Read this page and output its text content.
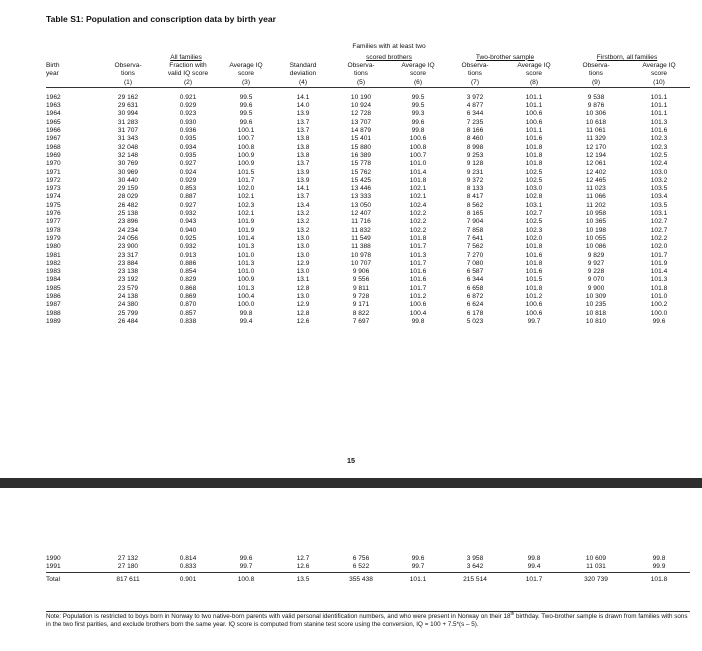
Table S1: Population and conscription data by birth year
					Families with at least two					
	All families				scored brothers		Two-brother sample		Firstborn, all families	
Birth	Observa-	Fraction with	Average IQ	Standard	Observa-	Average IQ	Observa-	Average IQ	Observa-	Average IQ
year	tions	valid IQ score	score	deviation	tions	score	tions	score	tions	score
	(1)	(2)	(3)	(4)	(5)	(6)	(7)	(8)	(9)	(10)

1962	29 162	0.921	99.5	14.1	10 190	99.5	3 972	101.1	9 538	101.1
1963	29 631	0.929	99.6	14.0	10 924	99.5	4 877	101.1	9 876	101.1
1964	30 994	0.923	99.5	13.9	12 728	99.3	6 344	100.6	10 306	101.1
1965	31 283	0.930	99.6	13.7	13 707	99.6	7 235	100.6	10 618	101.3
1966	31 707	0.936	100.1	13.7	14 879	99.8	8 166	101.1	11 061	101.6
1967	31 343	0.935	100.7	13.8	15 401	100.6	8 460	101.6	11 329	102.3
1968	32 048	0.934	100.8	13.8	15 880	100.8	8 998	101.8	12 170	102.3
1969	32 148	0.935	100.9	13.8	16 389	100.7	9 253	101.8	12 194	102.5
1970	30 769	0.927	100.9	13.7	15 778	101.0	9 128	101.8	12 061	102.4
1971	30 969	0.924	101.5	13.9	15 762	101.4	9 231	102.5	12 402	103.0
1972	30 440	0.929	101.7	13.9	15 425	101.8	9 372	102.5	12 465	103.2
1973	29 159	0.853	102.0	14.1	13 446	102.1	8 133	103.0	11 023	103.5
1974	28 029	0.887	102.1	13.7	13 333	102.1	8 417	102.8	11 066	103.4
1975	26 482	0.927	102.3	13.4	13 050	102.4	8 562	103.1	11 202	103.5
1976	25 138	0.932	102.1	13.2	12 407	102.2	8 165	102.7	10 958	103.1
1977	23 896	0.943	101.9	13.2	11 716	102.2	7 904	102.5	10 365	102.7
1978	24 234	0.940	101.9	13.2	11 832	102.2	7 858	102.3	10 198	102.7
1979	24 056	0.925	101.4	13.0	11 549	101.8	7 641	102.0	10 055	102.2
1980	23 900	0.932	101.3	13.0	11 388	101.7	7 562	101.8	10 086	102.0
1981	23 317	0.913	101.0	13.0	10 978	101.3	7 270	101.6	9 829	101.7
1982	23 884	0.886	101.3	12.9	10 707	101.7	7 080	101.8	9 927	101.9
1983	23 138	0.854	101.0	13.0	9 906	101.6	6 587	101.6	9 228	101.4
1984	23 192	0.829	100.9	13.1	9 556	101.6	6 344	101.5	9 070	101.3
1985	23 579	0.868	101.3	12.8	9 811	101.7	6 658	101.8	9 900	101.8
1986	24 138	0.869	100.4	13.0	9 728	101.2	6 872	101.2	10 309	101.0
1987	24 380	0.870	100.0	12.9	9 171	100.6	6 624	100.6	10 235	100.2
1988	25 799	0.857	99.8	12.8	8 822	100.4	6 178	100.6	10 818	100.0
1989	26 484	0.838	99.4	12.6	7 697	99.8	5 023	99.7	10 810	99.6
15
1990	27 132	0.814	99.6	12.7	6 756	99.6	3 958	99.8	10 609	99.8
1991	27 180	0.833	99.7	12.6	6 522	99.7	3 642	99.4	11 031	99.9
Total	817 611	0.901	100.8	13.5	355 438	101.1	215 514	101.7	320 739	101.8
Note: Population is restricted to boys born in Norway to two native-born parents with valid personal identification numbers, and who were present in Norway on their 18th birthday. Two-brother sample is drawn from families with sons in the two first parities, and exclude brothers born the same year. IQ score is computed from stanine test score using the conversion, IQ = 100 + 7.5*(s – 5).
